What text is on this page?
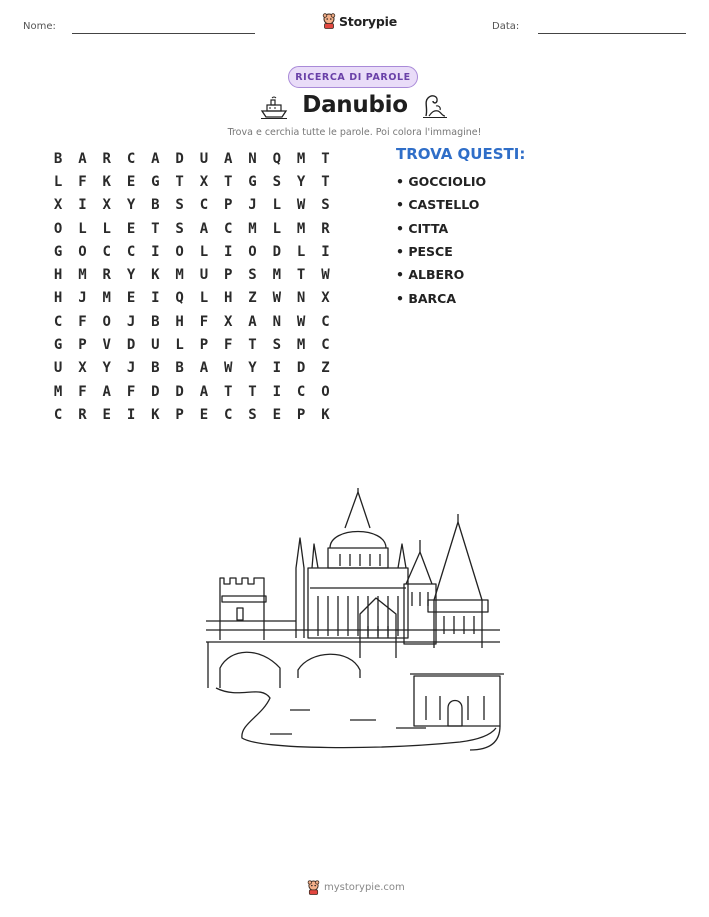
Nome:	Storypie	Data:
RICERCA DI PAROLE
Danubio
Trova e cerchia tutte le parole. Poi colora l'immagine!
B	A	R	C	A	D	U	A	N	Q	M	T
L	F	K	E	G	T	X	T	G	S	Y	T
X	I	X	Y	B	S	C	P	J	L	W	S
O	L	L	E	T	S	A	C	M	L	M	R
G	O	C	C	I	O	L	I	O	D	L	I
H	M	R	Y	K	M	U	P	S	M	T	W
H	J	M	E	I	Q	L	H	Z	W	N	X
C	F	O	J	B	H	F	X	A	N	W	C
G	P	V	D	U	L	P	F	T	S	M	C
U	X	Y	J	B	B	A	W	Y	I	D	Z
M	F	A	F	D	D	A	T	T	I	C	O
C	R	E	I	K	P	E	C	S	E	P	K
TROVA QUESTI:
• GOCCIOLIO
• CASTELLO
• CITTA
• PESCE
• ALBERO
• BARCA
mystorypie.com
